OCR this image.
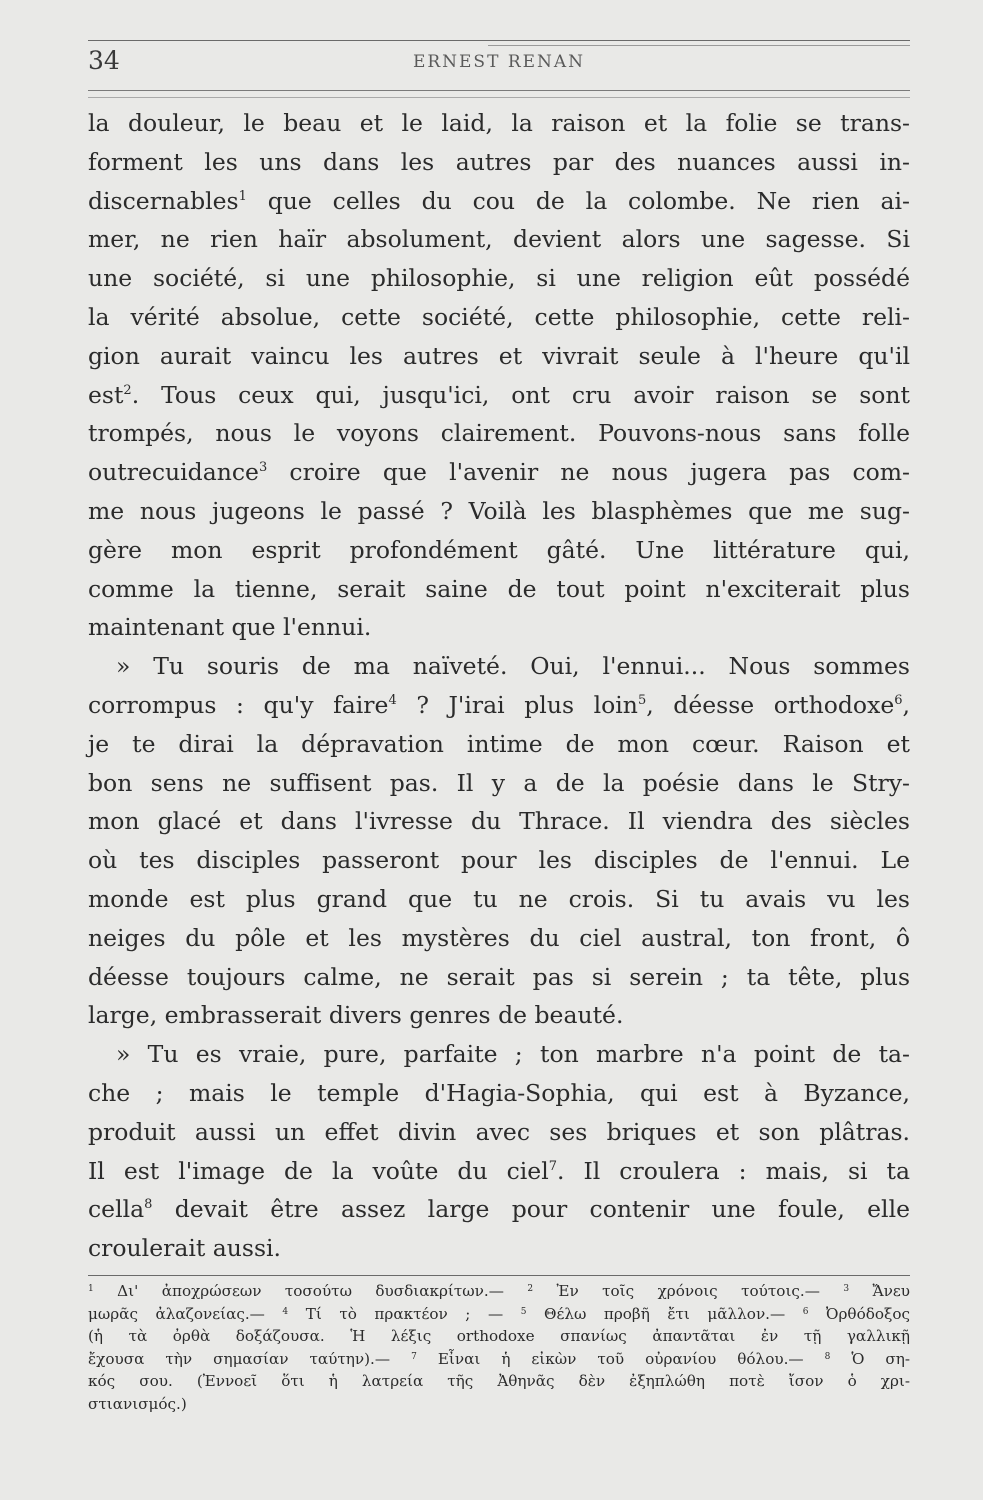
34	ERNEST RENAN
la douleur, le beau et le laid, la raison et la folie se trans-
forment les uns dans les autres par des nuances aussi in-
discernables$^1$ que celles du cou de la colombe. Ne rien ai-
mer, ne rien haïr absolument, devient alors une sagesse. Si
une société, si une philosophie, si une religion eût possédé
la vérité absolue, cette société, cette philosophie, cette reli-
gion aurait vaincu les autres et vivrait seule à l'heure qu'il
est$^2$. Tous ceux qui, jusqu'ici, ont cru avoir raison se sont
trompés, nous le voyons clairement. Pouvons-nous sans folle
outrecuidance$^3$ croire que l'avenir ne nous jugera pas com-
me nous jugeons le passé ? Voilà les blasphèmes que me sug-
gère mon esprit profondément gâté. Une littérature qui,
comme la tienne, serait saine de tout point n'exciterait plus
maintenant que l'ennui.
» Tu souris de ma naïveté. Oui, l'ennui... Nous sommes
corrompus : qu'y faire$^4$ ? J'irai plus loin$^5$, déesse orthodoxe$^6$,
je te dirai la dépravation intime de mon cœur. Raison et
bon sens ne suffisent pas. Il y a de la poésie dans le Stry-
mon glacé et dans l'ivresse du Thrace. Il viendra des siècles
où tes disciples passeront pour les disciples de l'ennui. Le
monde est plus grand que tu ne crois. Si tu avais vu les
neiges du pôle et les mystères du ciel austral, ton front, ô
déesse toujours calme, ne serait pas si serein ; ta tête, plus
large, embrasserait divers genres de beauté.
» Tu es vraie, pure, parfaite ; ton marbre n'a point de ta-
che ; mais le temple d'Hagia-Sophia, qui est à Byzance,
produit aussi un effet divin avec ses briques et son plâtras.
Il est l'image de la voûte du ciel$^7$. Il croulera : mais, si ta
cella$^8$ devait être assez large pour contenir une foule, elle
croulerait aussi.
$^1$ Δι' ἀποχρώσεων τοσούτω δυσδιακρίτων.— $^2$ Ἐν τοῖς χρόνοις τούτοις.— $^3$ Ἄνευ
μωρᾶς ἀλαζονείας.— $^4$ Τί τὸ πρακτέον ; — $^5$ Θέλω προβῆ ἔτι μᾶλλον.— $^6$ Ὀρθόδοξος
(ἡ τὰ ὀρθὰ δοξάζουσα. Ἡ λέξις orthodoxe σπανίως ἀπαντᾶται ἐν τῇ γαλλικῇ
ἔχουσα τὴν σημασίαν ταύτην).— $^7$ Εἶναι ἡ εἰκὼν τοῦ οὐρανίου θόλου.— $^8$ Ὁ ση-
κός σου. (Ἐννοεῖ ὅτι ἡ λατρεία τῆς Ἀθηνᾶς δὲν ἐξηπλώθη ποτὲ ἴσον ὁ χρι-
στιανισμός.)
